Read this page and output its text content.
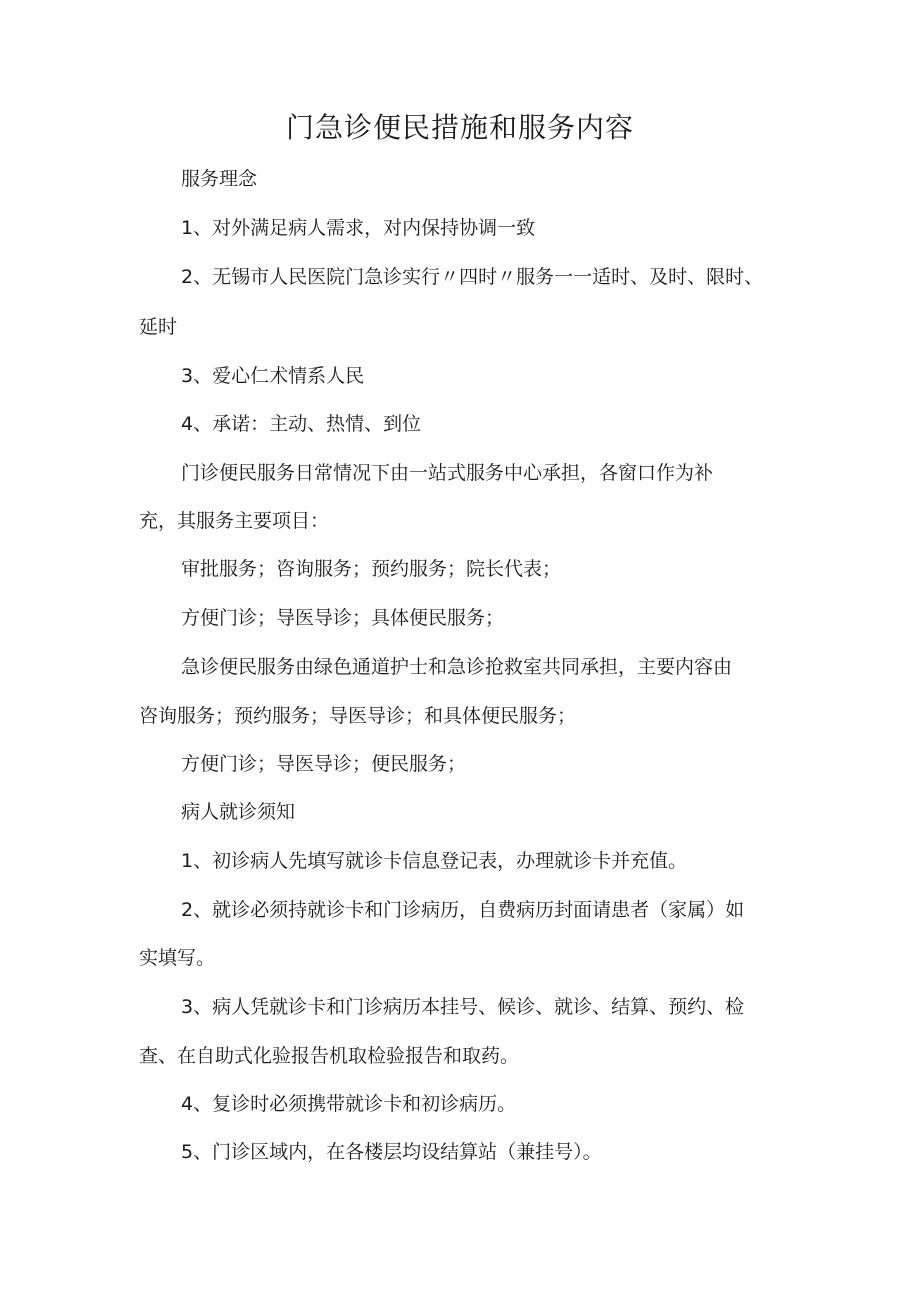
门急诊便民措施和服务内容

服务理念

1、对外满足病人需求，对内保持协调一致

2、无锡市人民医院门急诊实行〃四时〃服务一一适时、及时、限时、

延时

3、爱心仁术情系人民

4、承诺：主动、热情、到位

门诊便民服务日常情况下由一站式服务中心承担，各窗口作为补

充，其服务主要项目：

审批服务；咨询服务；预约服务；院长代表；

方便门诊；导医导诊；具体便民服务；

急诊便民服务由绿色通道护士和急诊抢救室共同承担，主要内容由

咨询服务；预约服务；导医导诊；和具体便民服务；

方便门诊；导医导诊；便民服务；

病人就诊须知

1、初诊病人先填写就诊卡信息登记表，办理就诊卡并充值。

2、就诊必须持就诊卡和门诊病历，自费病历封面请患者（家属）如

实填写。

3、病人凭就诊卡和门诊病历本挂号、候诊、就诊、结算、预约、检

查、在自助式化验报告机取检验报告和取药。

4、复诊时必须携带就诊卡和初诊病历。

5、门诊区域内，在各楼层均设结算站（兼挂号）。
